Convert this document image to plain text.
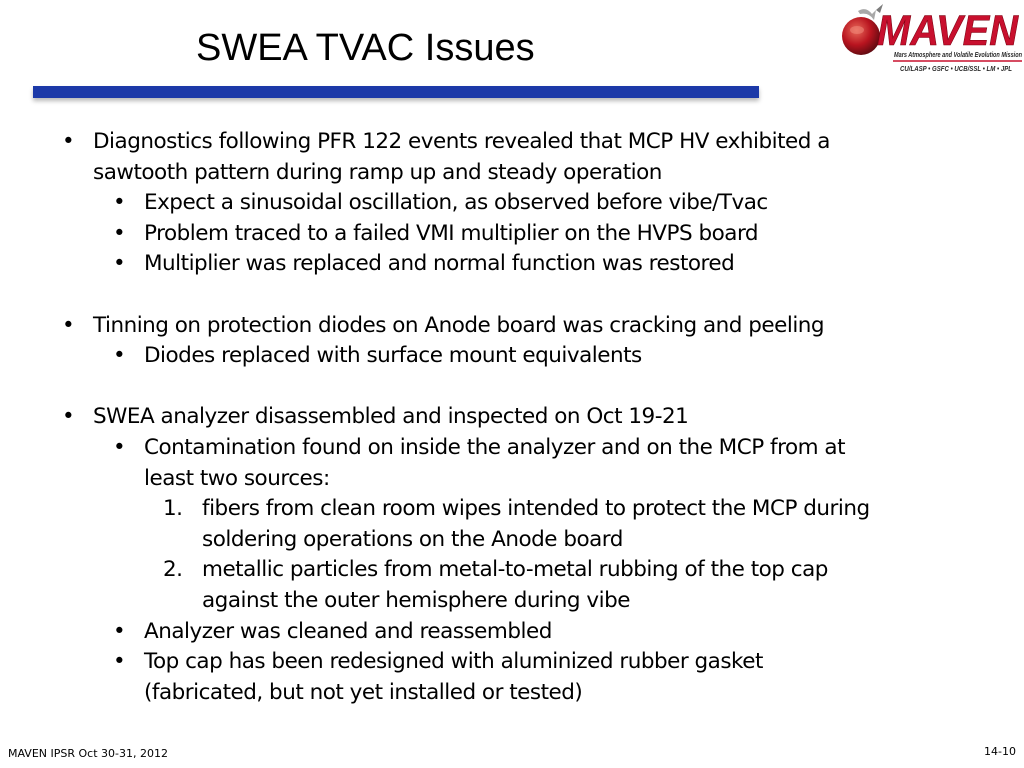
SWEA TVAC Issues	MAVEN
Mars Atmosphere and Volatile Evolution Mission
CU/LASP • GSFC • UCB/SSL • LM • JPL
• Diagnostics following PFR 122 events revealed that MCP HV exhibited a
sawtooth pattern during ramp up and steady operation
• Expect a sinusoidal oscillation, as observed before vibe/Tvac
• Problem traced to a failed VMI multiplier on the HVPS board
• Multiplier was replaced and normal function was restored
• Tinning on protection diodes on Anode board was cracking and peeling
• Diodes replaced with surface mount equivalents
• SWEA analyzer disassembled and inspected on Oct 19-21
• Contamination found on inside the analyzer and on the MCP from at
least two sources:
1. fibers from clean room wipes intended to protect the MCP during
soldering operations on the Anode board
2. metallic particles from metal-to-metal rubbing of the top cap
against the outer hemisphere during vibe
• Analyzer was cleaned and reassembled
• Top cap has been redesigned with aluminized rubber gasket
(fabricated, but not yet installed or tested)
MAVEN IPSR Oct 30-31, 2012	14-10
